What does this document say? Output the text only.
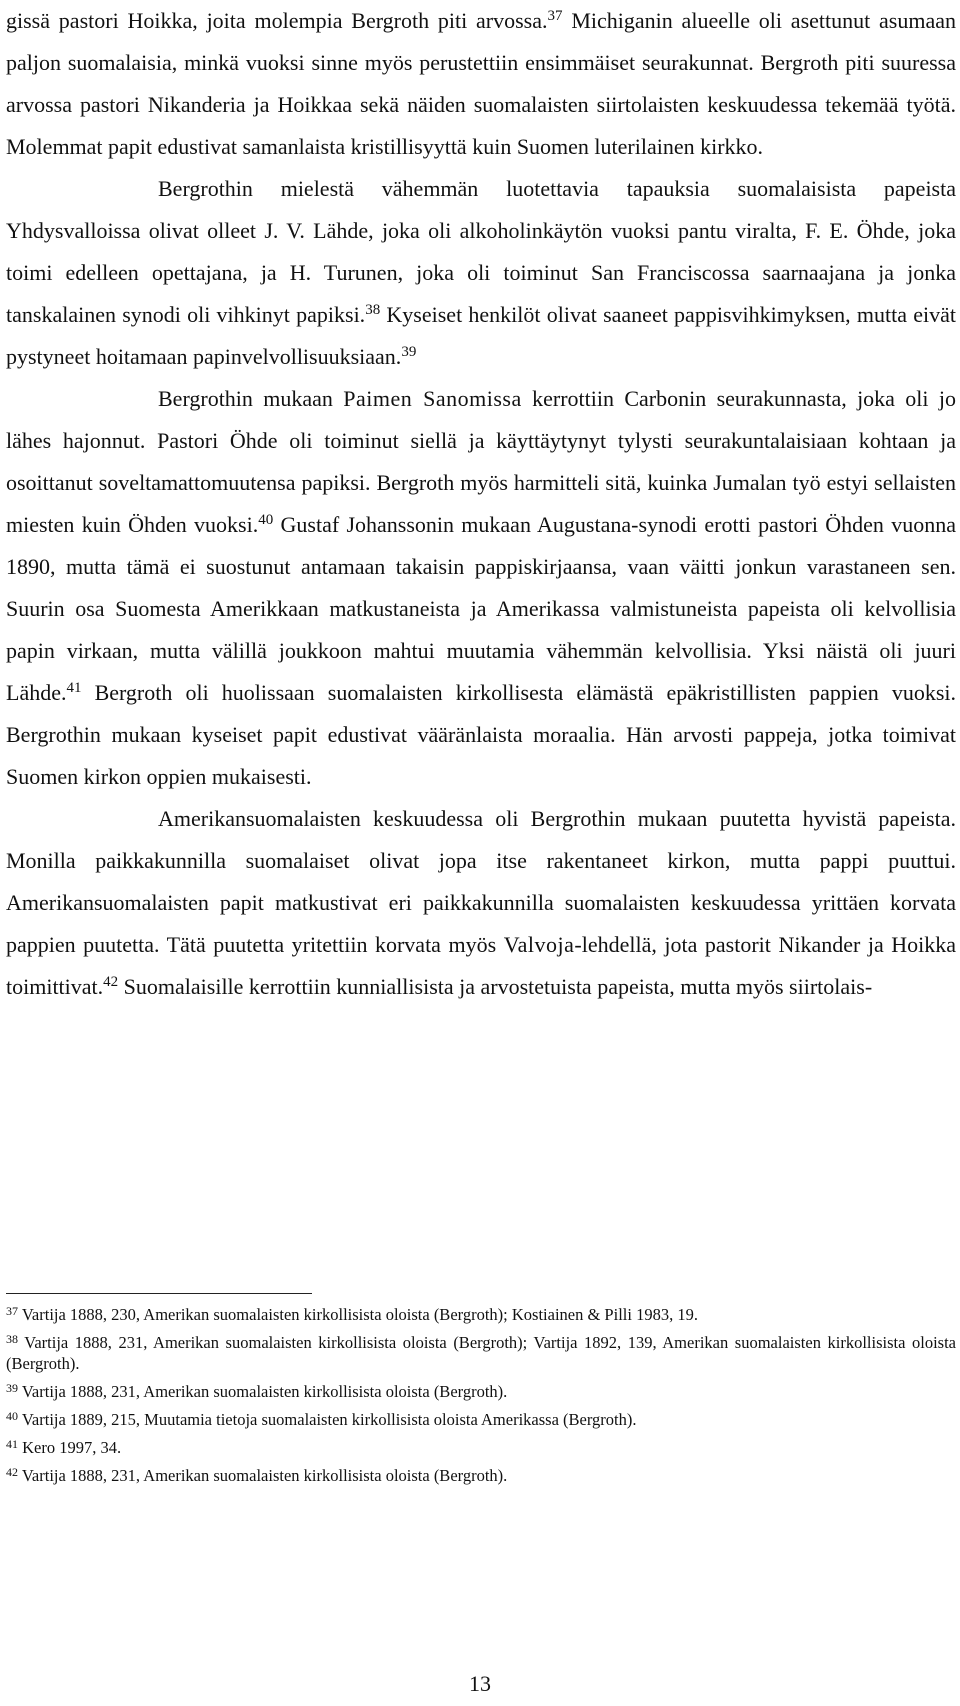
gissä pastori Hoikka, joita molempia Bergroth piti arvossa.$^{37}$ Michiganin alueelle oli asettunut asumaan paljon suomalaisia, minkä vuoksi sinne myös perustettiin ensimmäiset seurakunnat. Bergroth piti suuressa arvossa pastori Nikanderia ja Hoikkaa sekä näiden suomalaisten siirtolaisten keskuudessa tekemää työtä. Molemmat papit edustivat samanlaista kristillisyyttä kuin Suomen luterilainen kirkko.

Bergrothin mielestä vähemmän luotettavia tapauksia suomalaisista papeista Yhdysvalloissa olivat olleet J. V. Lähde, joka oli alkoholinkäytön vuoksi pantu viralta, F. E. Öhde, joka toimi edelleen opettajana, ja H. Turunen, joka oli toiminut San Franciscossa saarnaajana ja jonka tanskalainen synodi oli vihkinyt papiksi.$^{38}$ Kyseiset henkilöt olivat saaneet pappisvihkimyksen, mutta eivät pystyneet hoitamaan papinvelvollisuuksiaan.$^{39}$

Bergrothin mukaan Paimen Sanomissa kerrottiin Carbonin seurakunnasta, joka oli jo lähes hajonnut. Pastori Öhde oli toiminut siellä ja käyttäytynyt tylysti seurakuntalaisiaan kohtaan ja osoittanut soveltamattomuutensa papiksi. Bergroth myös harmitteli sitä, kuinka Jumalan työ estyi sellaisten miesten kuin Öhden vuoksi.$^{40}$ Gustaf Johanssonin mukaan Augustana-synodi erotti pastori Öhden vuonna 1890, mutta tämä ei suostunut antamaan takaisin pappiskirjaansa, vaan väitti jonkun varastaneen sen. Suurin osa Suomesta Amerikkaan matkustaneista ja Amerikassa valmistuneista papeista oli kelvollisia papin virkaan, mutta välillä joukkoon mahtui muutamia vähemmän kelvollisia. Yksi näistä oli juuri Lähde.$^{41}$ Bergroth oli huolissaan suomalaisten kirkollisesta elämästä epäkristillisten pappien vuoksi. Bergrothin mukaan kyseiset papit edustivat vääränlaista moraalia. Hän arvosti pappeja, jotka toimivat Suomen kirkon oppien mukaisesti.

Amerikansuomalaisten keskuudessa oli Bergrothin mukaan puutetta hyvistä papeista. Monilla paikkakunnilla suomalaiset olivat jopa itse rakentaneet kirkon, mutta pappi puuttui. Amerikansuomalaisten papit matkustivat eri paikkakunnilla suomalaisten keskuudessa yrittäen korvata pappien puutetta. Tätä puutetta yritettiin korvata myös Valvoja-lehdellä, jota pastorit Nikander ja Hoikka toimittivat.$^{42}$ Suomalaisille kerrottiin kunniallisista ja arvostetuista papeista, mutta myös siirtolais-

$^{37}$ Vartija 1888, 230, Amerikan suomalaisten kirkollisista oloista (Bergroth); Kostiainen & Pilli 1983, 19.

$^{38}$ Vartija 1888, 231, Amerikan suomalaisten kirkollisista oloista (Bergroth); Vartija 1892, 139, Amerikan suomalaisten kirkollisista oloista (Bergroth).

$^{39}$ Vartija 1888, 231, Amerikan suomalaisten kirkollisista oloista (Bergroth).

$^{40}$ Vartija 1889, 215, Muutamia tietoja suomalaisten kirkollisista oloista Amerikassa (Bergroth).

$^{41}$ Kero 1997, 34.

$^{42}$ Vartija 1888, 231, Amerikan suomalaisten kirkollisista oloista (Bergroth).

13
